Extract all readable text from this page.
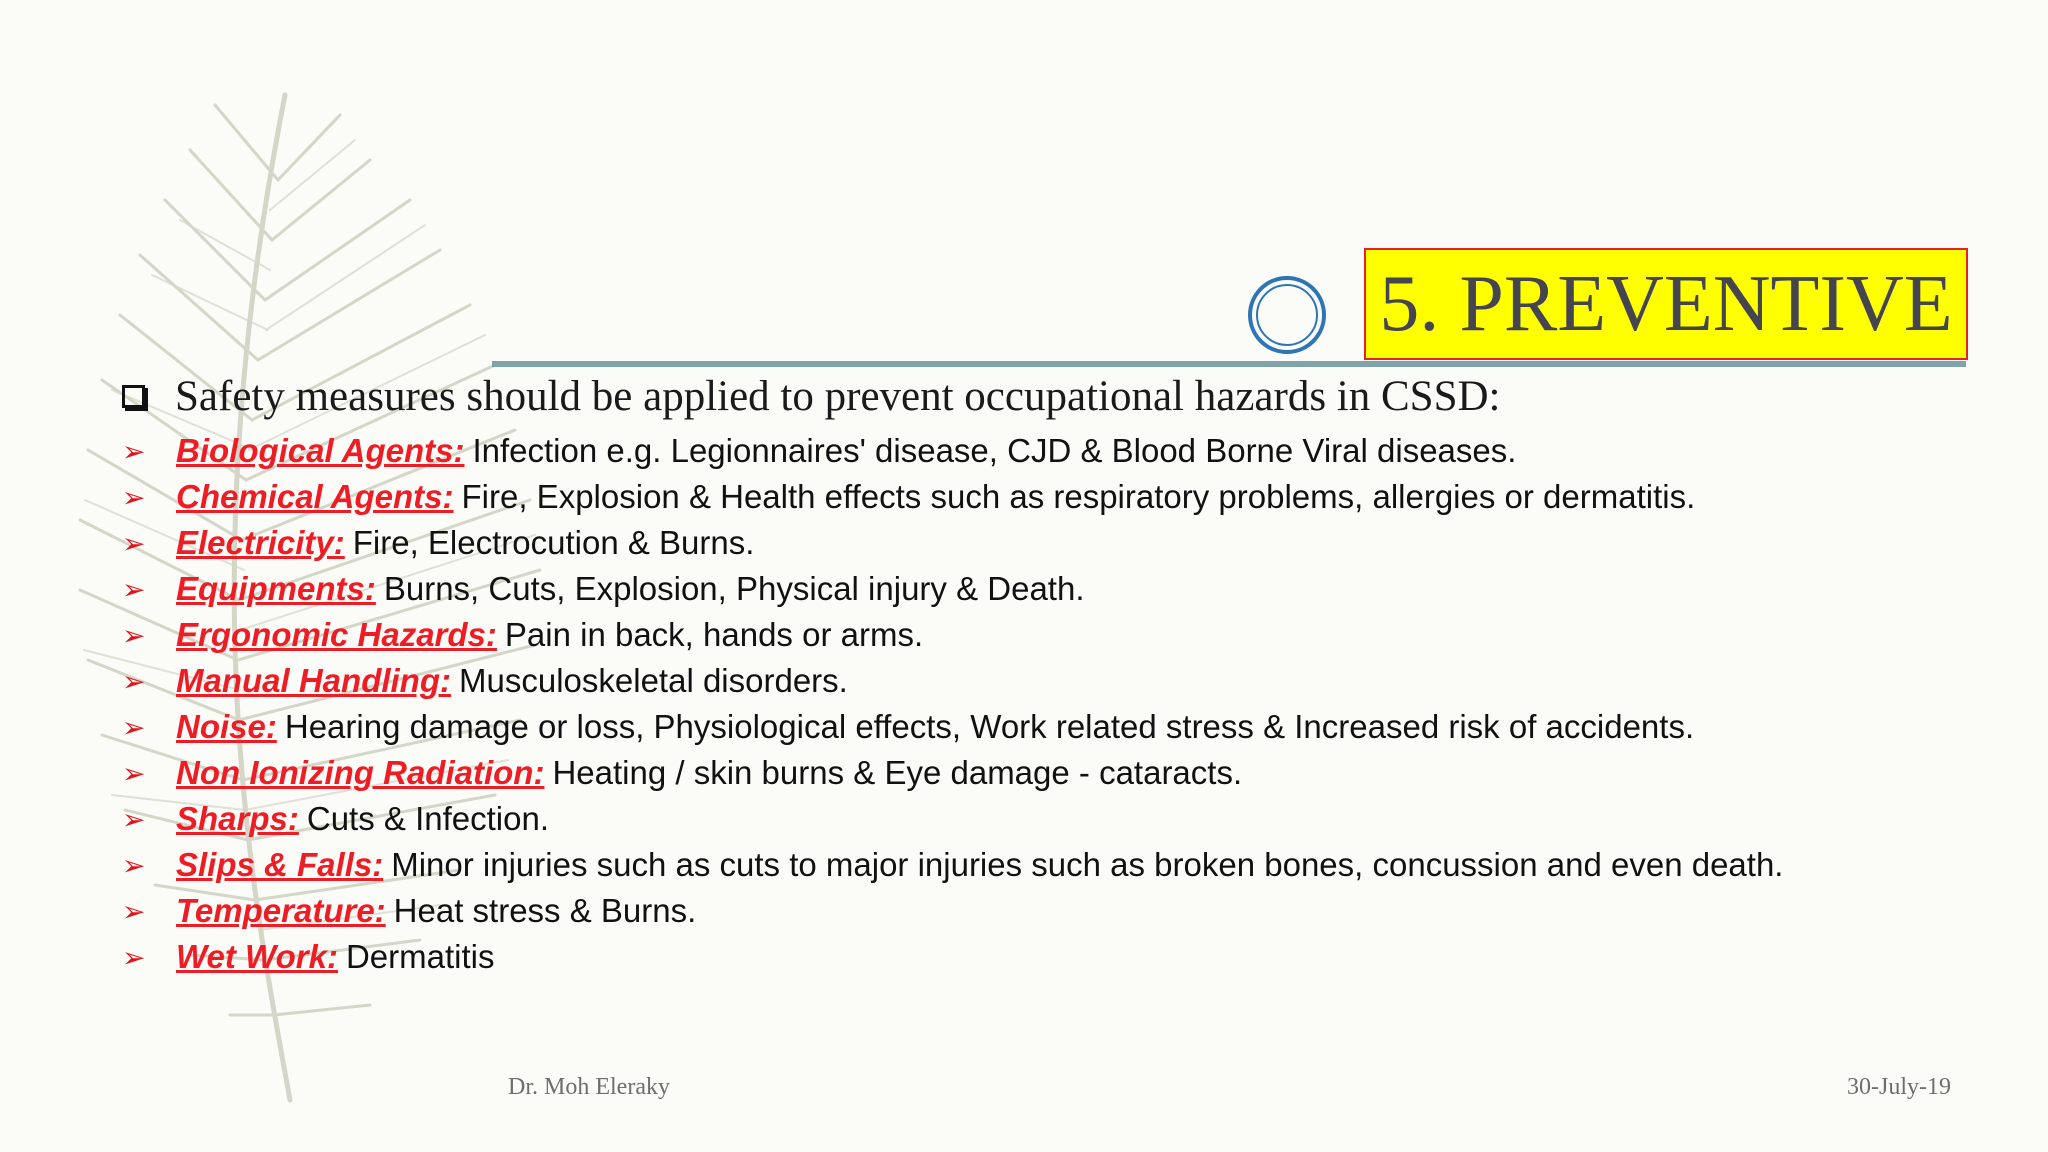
5. PREVENTIVE
Safety measures should be applied to prevent occupational hazards in CSSD:
➢ Biological Agents: Infection e.g. Legionnaires' disease, CJD & Blood Borne Viral diseases.
➢ Chemical Agents: Fire, Explosion & Health effects such as respiratory problems, allergies or dermatitis.
➢ Electricity: Fire, Electrocution & Burns.
➢ Equipments: Burns, Cuts, Explosion, Physical injury & Death.
➢ Ergonomic Hazards: Pain in back, hands or arms.
➢ Manual Handling: Musculoskeletal disorders.
➢ Noise: Hearing damage or loss, Physiological effects, Work related stress & Increased risk of accidents.
➢ Non Ionizing Radiation: Heating / skin burns & Eye damage - cataracts.
➢ Sharps: Cuts & Infection.
➢ Slips & Falls: Minor injuries such as cuts to major injuries such as broken bones, concussion and even death.
➢ Temperature: Heat stress & Burns.
➢ Wet Work: Dermatitis
Dr. Moh Eleraky	30-July-19
